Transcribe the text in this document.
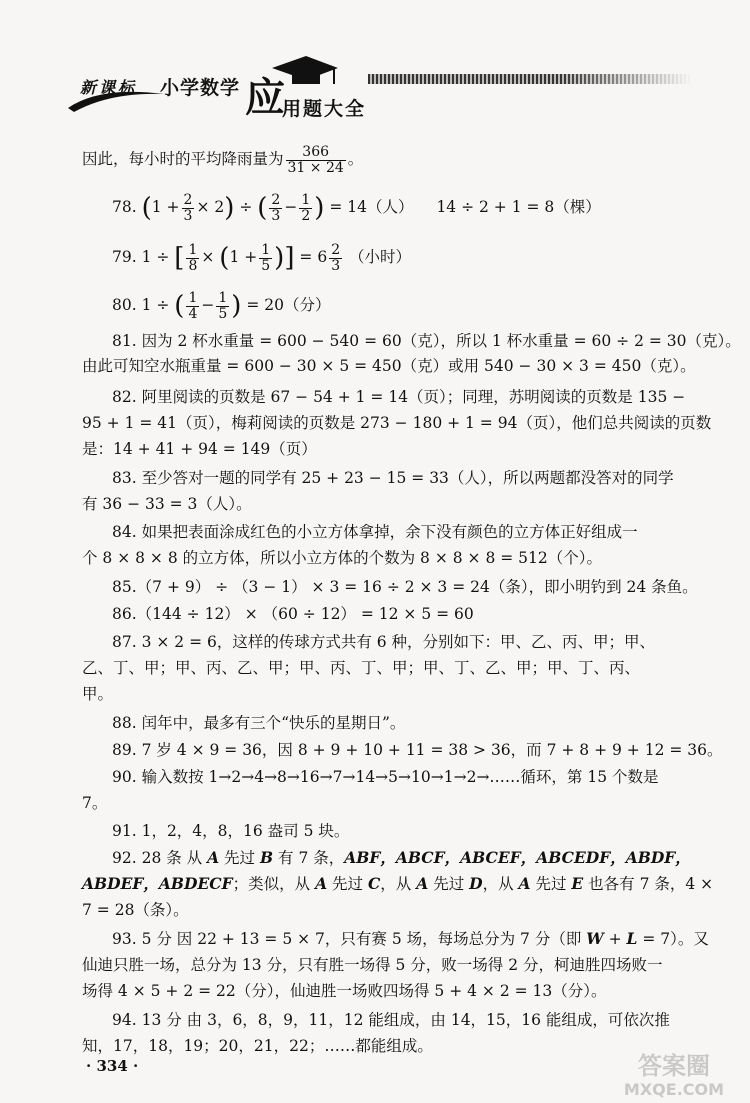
新课标 小学数学 应
用题大全
因此，每小时的平均降雨量为 $\frac{366}{31 \times 24}$ 。
78. $(1 + \frac{2}{3} \times 2)$ ÷ ( $\frac{2}{3} - \frac{1}{2}$ ) = 14（人） 14 ÷ 2 + 1 = 8（棵）
79. 1 ÷ [ $\frac{1}{8} \times (1 + \frac{1}{5}$ )] = $6 \frac{2}{3}$ （小时）
80. 1 ÷ ( $\frac{1}{4} - \frac{1}{5}$ ) = 20（分）
81. 因为 2 杯水重量 = 600 − 540 = 60（克），所以 1 杯水重量 = 60 ÷ 2 = 30（克）。
由此可知空水瓶重量 = 600 − 30 × 5 = 450（克）或用 540 − 30 × 3 = 450（克）。
82. 阿里阅读的页数是 67 − 54 + 1 = 14（页）；同理，苏明阅读的页数是 135 −
95 + 1 = 41（页），梅莉阅读的页数是 273 − 180 + 1 = 94（页），他们总共阅读的页数
是：14 + 41 + 94 = 149（页）
83. 至少答对一题的同学有 25 + 23 − 15 = 33（人），所以两题都没答对的同学
有 36 − 33 = 3（人）。
84. 如果把表面涂成红色的小立方体拿掉，余下没有颜色的立方体正好组成一
个 8 × 8 × 8 的立方体，所以小立方体的个数为 8 × 8 × 8 = 512（个）。
85.（7 + 9） ÷ （3 − 1） × 3 = 16 ÷ 2 × 3 = 24（条），即小明钓到 24 条鱼。
86.（144 ÷ 12） × （60 ÷ 12） = 12 × 5 = 60
87. 3 × 2 = 6，这样的传球方式共有 6 种，分别如下：甲、乙、丙、甲；甲、
乙、丁、甲；甲、丙、乙、甲；甲、丙、丁、甲；甲、丁、乙、甲；甲、丁、丙、
甲。
88. 闰年中，最多有三个“快乐的星期日”。
89. 7 岁 4 × 9 = 36，因 8 + 9 + 10 + 11 = 38 > 36，而 7 + 8 + 9 + 12 = 36。
90. 输入数按 1→2→4→8→16→7→14→5→10→1→2→……循环，第 15 个数是
7。
91. 1，2，4，8，16 盎司 5 块。
92. 28 条 从 A 先过 B 有 7 条，ABF，ABCF，ABCEF，ABCEDF，ABDF，
ABDEF，ABDECF；类似，从 A 先过 C，从 A 先过 D，从 A 先过 E 也各有 7 条，4 ×
7 = 28（条）。
93. 5 分 因 22 + 13 = 5 × 7，只有赛 5 场，每场总分为 7 分（即 W + L = 7）。又
仙迪只胜一场，总分为 13 分，只有胜一场得 5 分，败一场得 2 分，柯迪胜四场败一
场得 4 × 5 + 2 = 22（分），仙迪胜一场败四场得 5 + 4 × 2 = 13（分）。
94. 13 分 由 3，6，8，9，11，12 能组成，由 14，15，16 能组成，可依次推
知，17，18，19；20，21，22；……都能组成。
· 334 ·	答案圈
MXQE.COM
